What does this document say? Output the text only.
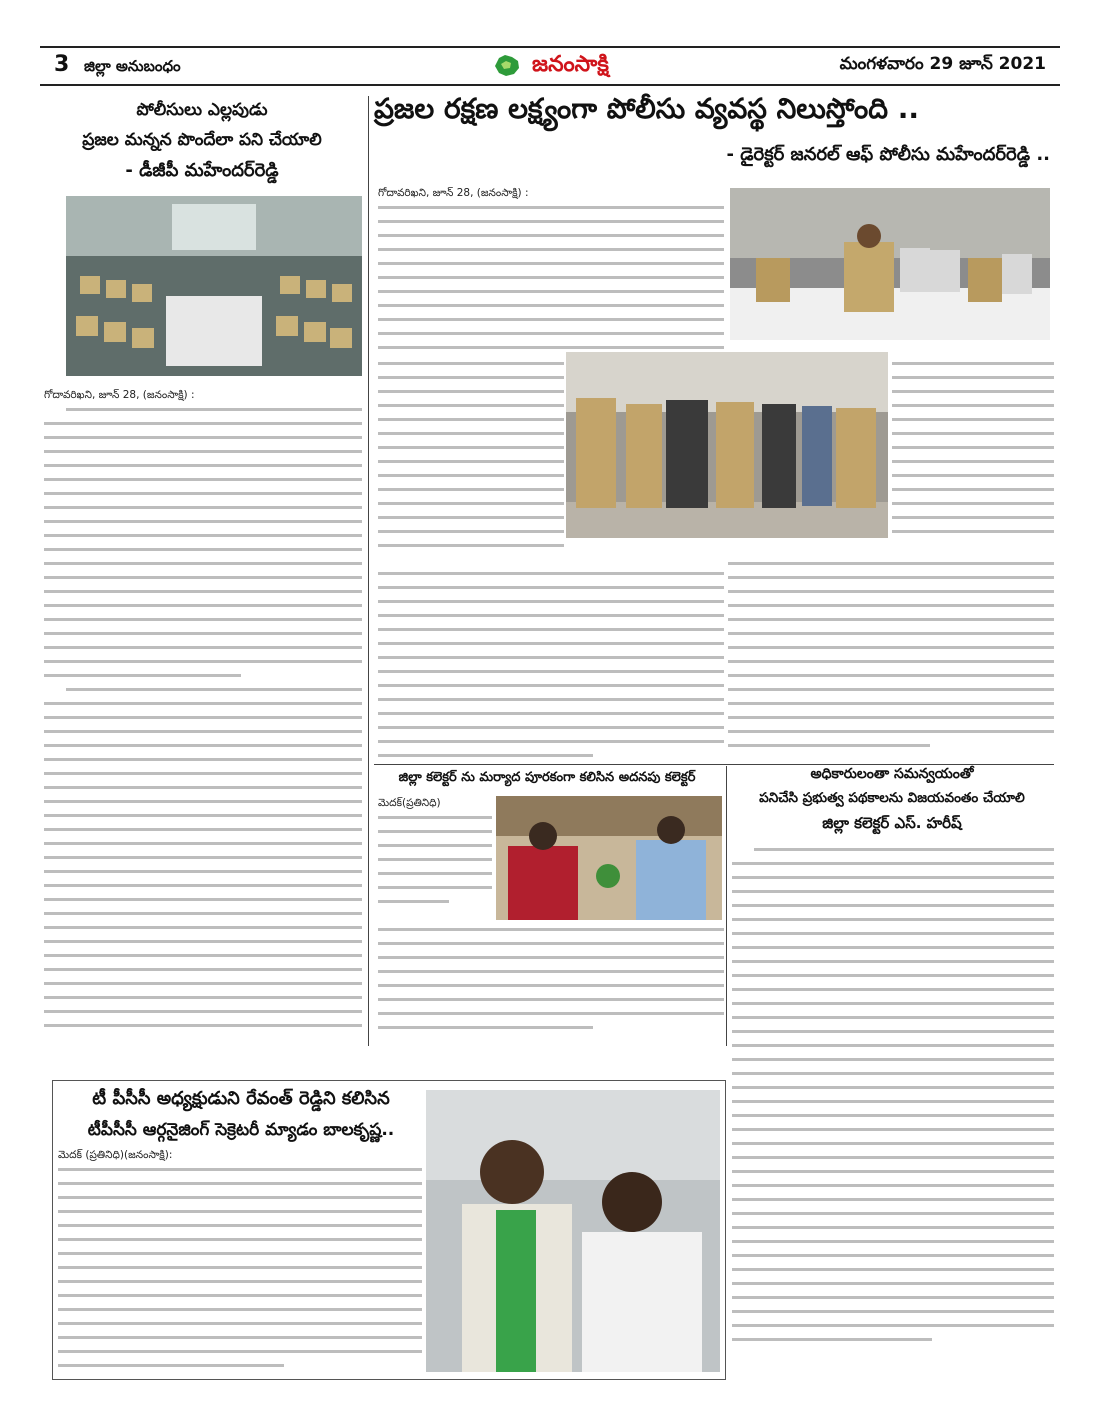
3 జిల్లా అనుబంధం	జనంసాక్షి	మంగళవారం 29 జూన్ 2021
పోలీసులు ఎల్లపుడు
ప్రజల మన్నన పొందేలా పని చేయాలి
- డీజీపీ మహేందర్‌రెడ్డి
గోదావరిఖని, జూన్ 28, (జనంసాక్షి) :
ప్రజల రక్షణ లక్ష్యంగా పోలీసు వ్యవస్థ నిలుస్తోంది ..
- డైరెక్టర్ జనరల్ ఆఫ్ పోలీసు మహేందర్‌రెడ్డి ..
గోదావరిఖని, జూన్ 28, (జనంసాక్షి) :
జిల్లా కలెక్టర్ ను మర్యాద పూరకంగా కలిసిన అదనపు కలెక్టర్
మెదక్(ప్రతినిధి)
అధికారులంతా సమన్వయంతో
పనిచేసి ప్రభుత్వ పథకాలను విజయవంతం చేయాలి
జిల్లా కలెక్టర్ ఎస్. హరీష్
టీ పీసీసీ అధ్యక్షుడుని రేవంత్ రెడ్డిని కలిసిన
టీపీసీసీ ఆర్గనైజింగ్ సెక్రెటరీ మ్యాడం బాలకృష్ణ..
మెదక్ (ప్రతినిధి)(జనంసాక్షి):
